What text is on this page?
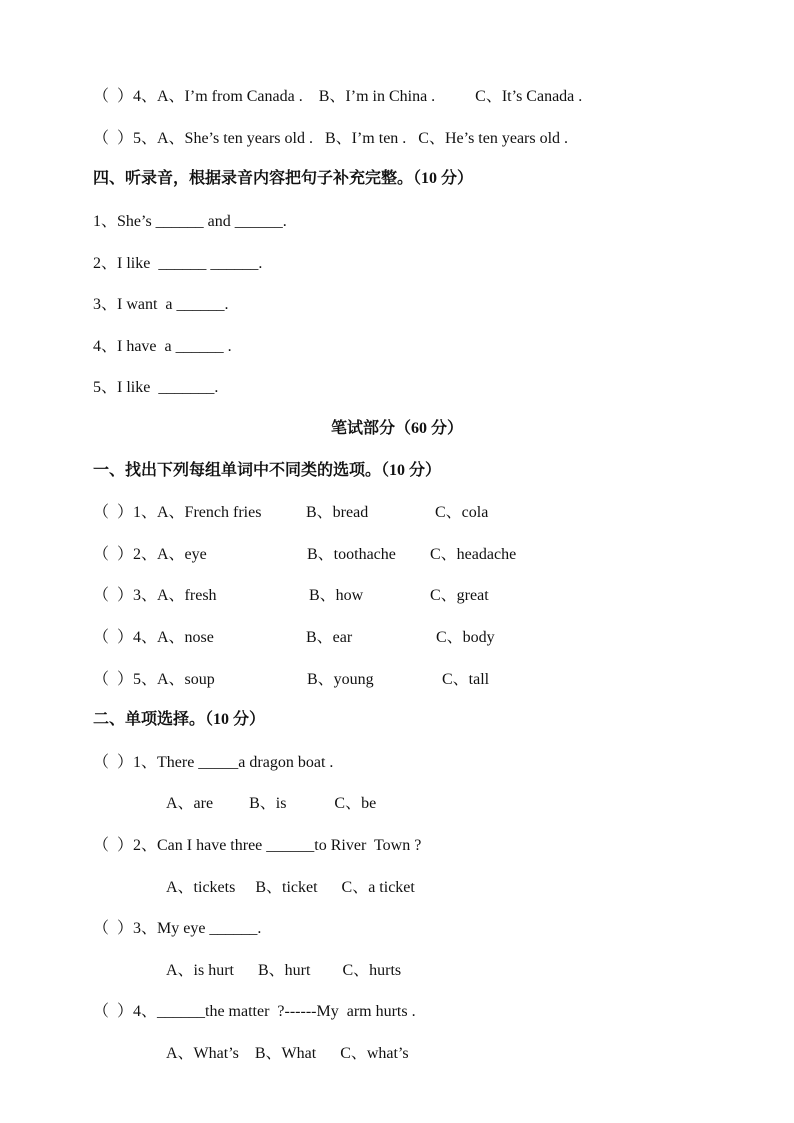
（  ）4、A、I’m from Canada .    B、I’m in China .          C、It’s Canada .
（  ）5、A、She’s ten years old .   B、I’m ten .   C、He’s ten years old .
四、听录音，根据录音内容把句子补充完整。（10 分）
1、She’s ______ and ______.
2、I like  ______ ______.
3、I want  a ______.
4、I have  a ______ .
5、I like  _______.
笔试部分（60 分）
一、找出下列每组单词中不同类的选项。（10 分）
（  ）1、A、French fries	B、bread	C、cola
（  ）2、A、eye	B、toothache C、headache
（  ）3、A、fresh	B、how	C、great
（  ）4、A、nose	B、ear	C、body
（  ）5、A、soup	B、young	C、tall
二、单项选择。（10 分）
（  ）1、There _____a dragon boat .
A、are         B、is            C、be
（  ）2、Can I have three ______to River  Town ?
A、tickets     B、ticket      C、a ticket
（  ）3、My eye ______.
A、is hurt      B、hurt        C、hurts
（  ）4、______the matter  ?------My  arm hurts .
A、What’s    B、What      C、what’s
